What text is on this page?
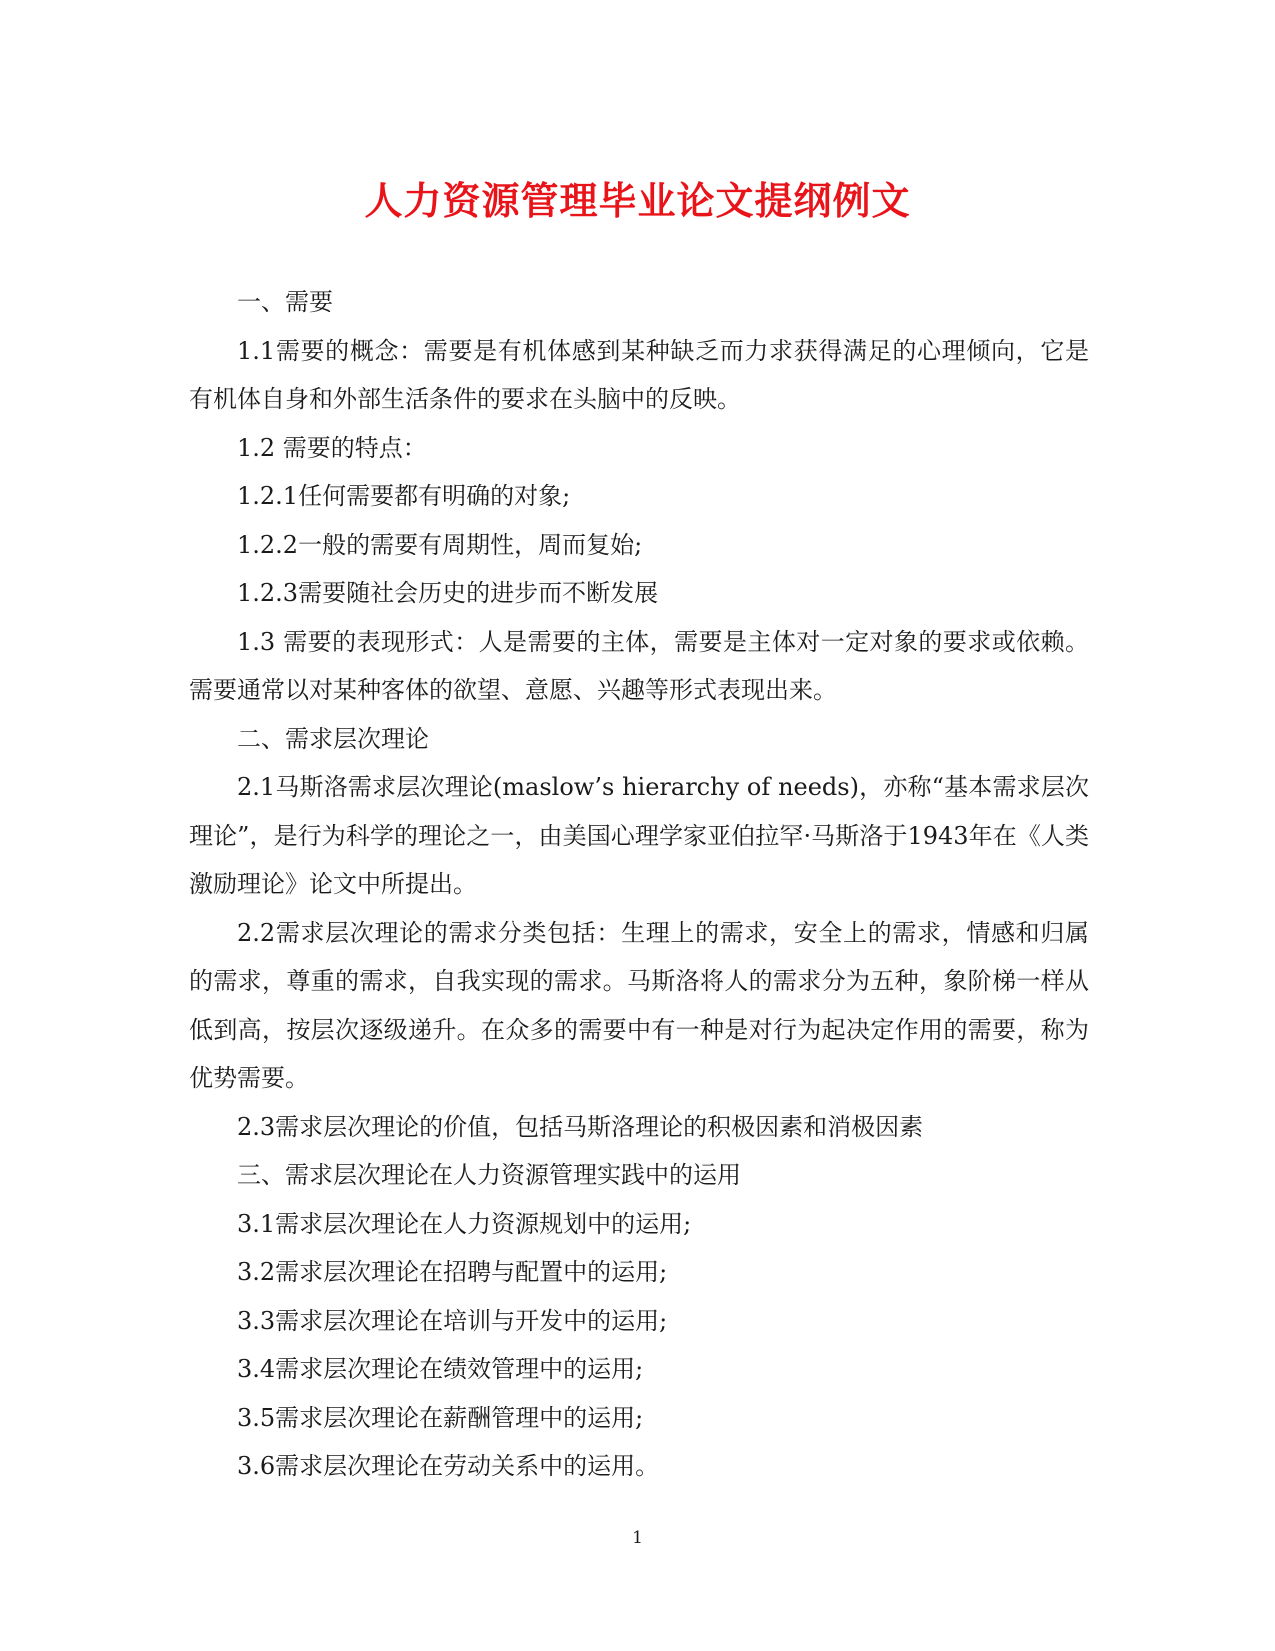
人力资源管理毕业论文提纲例文

一、需要

1.1需要的概念：需要是有机体感到某种缺乏而力求获得满足的心理倾向，它是有机体自身和外部生活条件的要求在头脑中的反映。

1.2 需要的特点：

1.2.1任何需要都有明确的对象;

1.2.2一般的需要有周期性，周而复始;

1.2.3需要随社会历史的进步而不断发展

1.3 需要的表现形式：人是需要的主体，需要是主体对一定对象的要求或依赖。需要通常以对某种客体的欲望、意愿、兴趣等形式表现出来。

二、需求层次理论

2.1马斯洛需求层次理论(maslow’s hierarchy of needs)，亦称“基本需求层次理论”，是行为科学的理论之一，由美国心理学家亚伯拉罕·马斯洛于1943年在《人类激励理论》论文中所提出。

2.2需求层次理论的需求分类包括：生理上的需求，安全上的需求，情感和归属的需求，尊重的需求，自我实现的需求。马斯洛将人的需求分为五种，象阶梯一样从低到高，按层次逐级递升。在众多的需要中有一种是对行为起决定作用的需要，称为优势需要。

2.3需求层次理论的价值，包括马斯洛理论的积极因素和消极因素

三、需求层次理论在人力资源管理实践中的运用

3.1需求层次理论在人力资源规划中的运用;

3.2需求层次理论在招聘与配置中的运用;

3.3需求层次理论在培训与开发中的运用;

3.4需求层次理论在绩效管理中的运用;

3.5需求层次理论在薪酬管理中的运用;

3.6需求层次理论在劳动关系中的运用。

1
